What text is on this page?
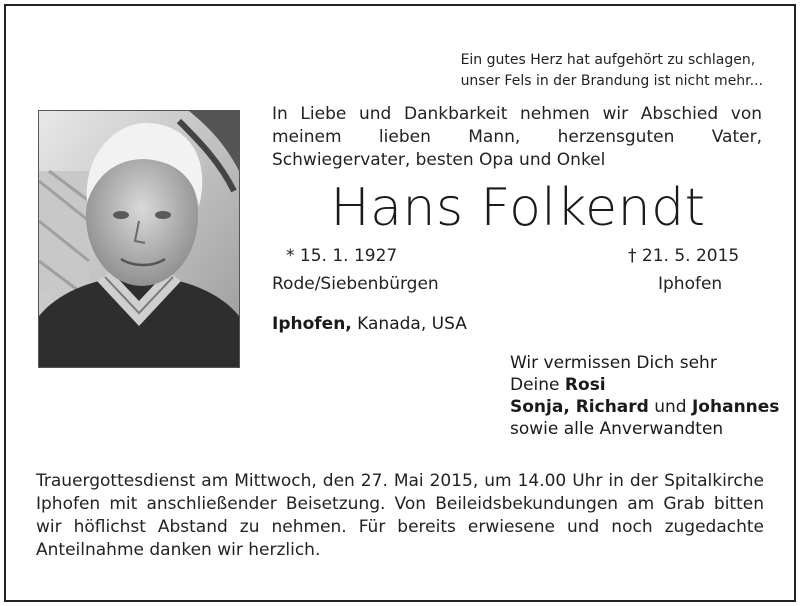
Ein gutes Herz hat aufgehört zu schlagen,
unser Fels in der Brandung ist nicht mehr...
In Liebe und Dankbarkeit nehmen wir Abschied von meinem lieben Mann, herzensguten Vater, Schwiegervater, besten Opa und Onkel
Hans Folkendt
* 15. 1. 1927	† 21. 5. 2015
Rode/Siebenbürgen	Iphofen
Iphofen, Kanada, USA
Wir vermissen Dich sehr
Deine Rosi
Sonja, Richard und Johannes
sowie alle Anverwandten
Trauergottesdienst am Mittwoch, den 27. Mai 2015, um 14.00 Uhr in der Spitalkirche Iphofen mit anschließender Beisetzung. Von Beileidsbekundungen am Grab bitten wir höflichst Abstand zu nehmen. Für bereits erwiesene und noch zugedachte Anteilnahme danken wir herzlich.
